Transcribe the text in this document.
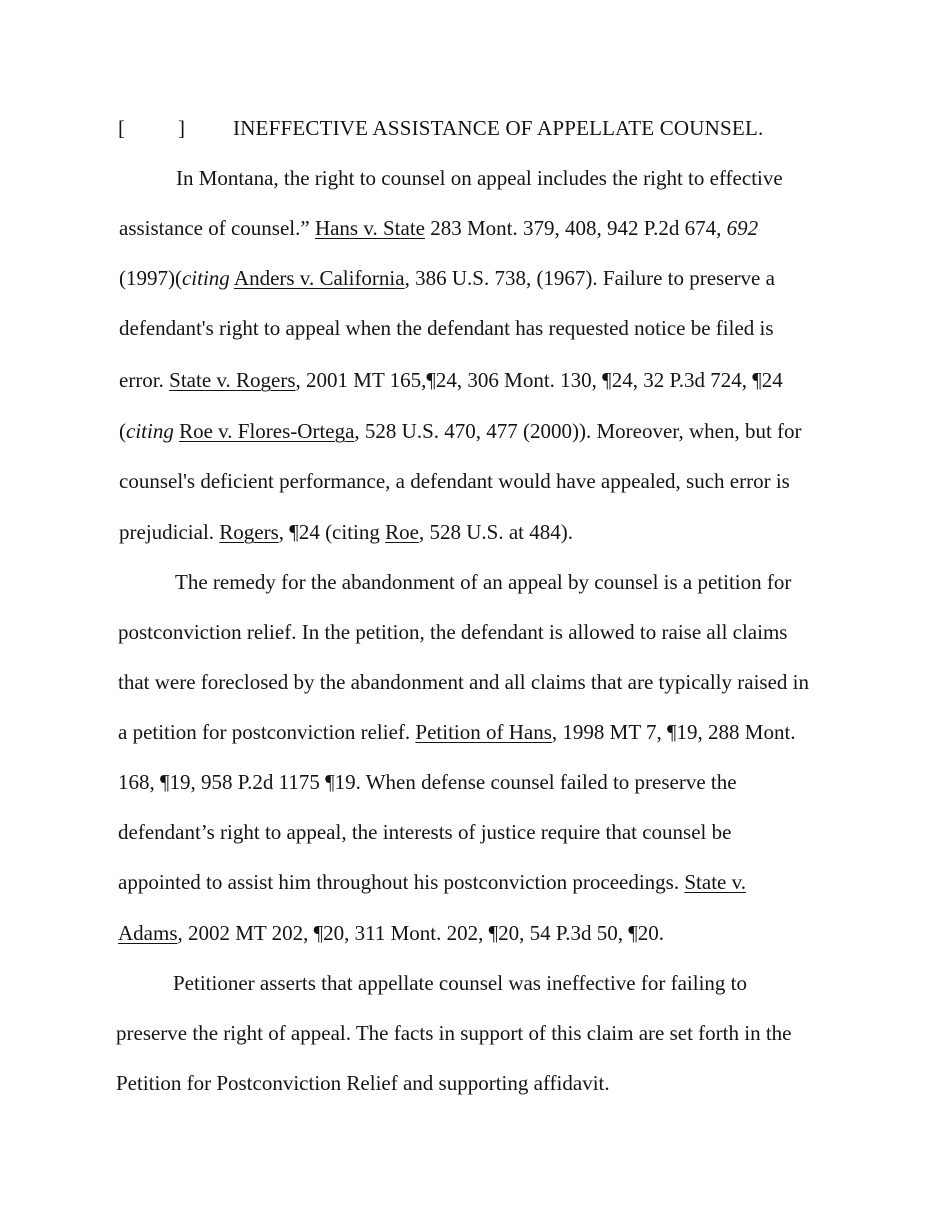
[	] INEFFECTIVE ASSISTANCE OF APPELLATE COUNSEL.
In Montana, the right to counsel on appeal includes the right to effective
assistance of counsel.” Hans v. State 283 Mont. 379, 408, 942 P.2d 674, 692
(1997)(citing Anders v. California, 386 U.S. 738, (1967). Failure to preserve a
defendant's right to appeal when the defendant has requested notice be filed is
error. State v. Rogers, 2001 MT 165,¶24, 306 Mont. 130, ¶24, 32 P.3d 724, ¶24
(citing Roe v. Flores-Ortega, 528 U.S. 470, 477 (2000)). Moreover, when, but for
counsel's deficient performance, a defendant would have appealed, such error is
prejudicial. Rogers, ¶24 (citing Roe, 528 U.S. at 484).
The remedy for the abandonment of an appeal by counsel is a petition for
postconviction relief. In the petition, the defendant is allowed to raise all claims
that were foreclosed by the abandonment and all claims that are typically raised in
a petition for postconviction relief. Petition of Hans, 1998 MT 7, ¶19, 288 Mont.
168, ¶19, 958 P.2d 1175 ¶19. When defense counsel failed to preserve the
defendant’s right to appeal, the interests of justice require that counsel be
appointed to assist him throughout his postconviction proceedings. State v.
Adams, 2002 MT 202, ¶20, 311 Mont. 202, ¶20, 54 P.3d 50, ¶20.
Petitioner asserts that appellate counsel was ineffective for failing to
preserve the right of appeal. The facts in support of this claim are set forth in the
Petition for Postconviction Relief and supporting affidavit.
